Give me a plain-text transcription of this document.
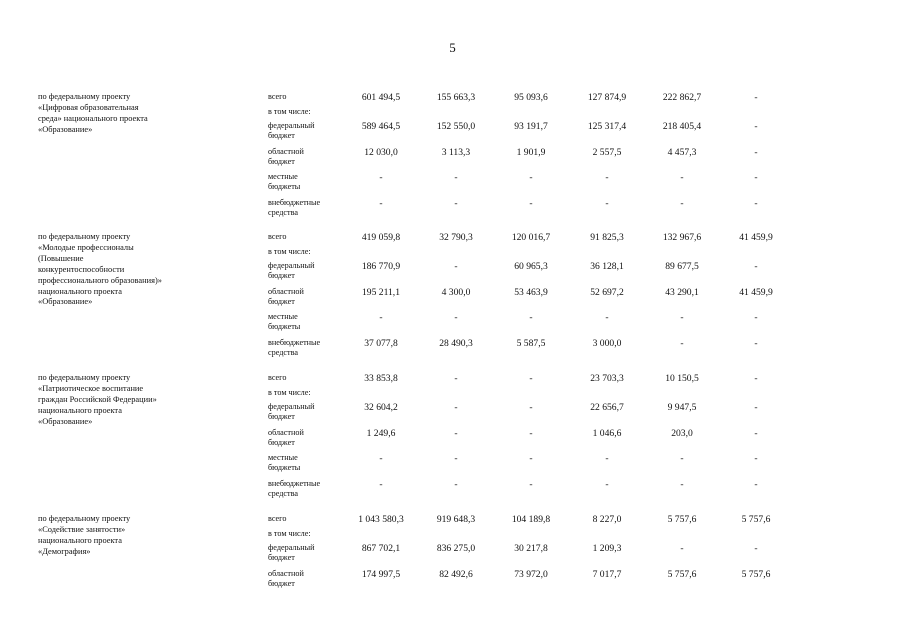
5
по федеральному проекту
«Цифровая образовательная
среда» национального проекта
«Образование»
всего	601 494,5	155 663,3	95 093,6	127 874,9	222 862,7	-
в том числе:
федеральный
бюджет
589 464,5	152 550,0	93 191,7	125 317,4	218 405,4	-
областной
бюджет
12 030,0	3 113,3	1 901,9	2 557,5	4 457,3	-
местные
бюджеты
-	-	-	-	-	-
внебюджетные
средства
-	-	-	-	-	-
по федеральному проекту
«Молодые профессионалы
(Повышение
конкурентоспособности
профессионального образования)»
национального проекта
«Образование»
всего	419 059,8	32 790,3	120 016,7	91 825,3	132 967,6	41 459,9
в том числе:
федеральный
бюджет
186 770,9	-	60 965,3	36 128,1	89 677,5	-
областной
бюджет
195 211,1	4 300,0	53 463,9	52 697,2	43 290,1	41 459,9
местные
бюджеты
-	-	-	-	-	-
внебюджетные
средства
37 077,8	28 490,3	5 587,5	3 000,0	-	-
по федеральному проекту
«Патриотическое воспитание
граждан Российской Федерации»
национального проекта
«Образование»
всего	33 853,8	-	-	23 703,3	10 150,5	-
в том числе:
федеральный
бюджет
32 604,2	-	-	22 656,7	9 947,5	-
областной
бюджет
1 249,6	-	-	1 046,6	203,0	-
местные
бюджеты
-	-	-	-	-	-
внебюджетные
средства
-	-	-	-	-	-
по федеральному проекту
«Содействие занятости»
национального проекта
«Демография»
всего	1 043 580,3	919 648,3	104 189,8	8 227,0	5 757,6	5 757,6
в том числе:
федеральный
бюджет
867 702,1	836 275,0	30 217,8	1 209,3	-	-
областной
бюджет
174 997,5	82 492,6	73 972,0	7 017,7	5 757,6	5 757,6
